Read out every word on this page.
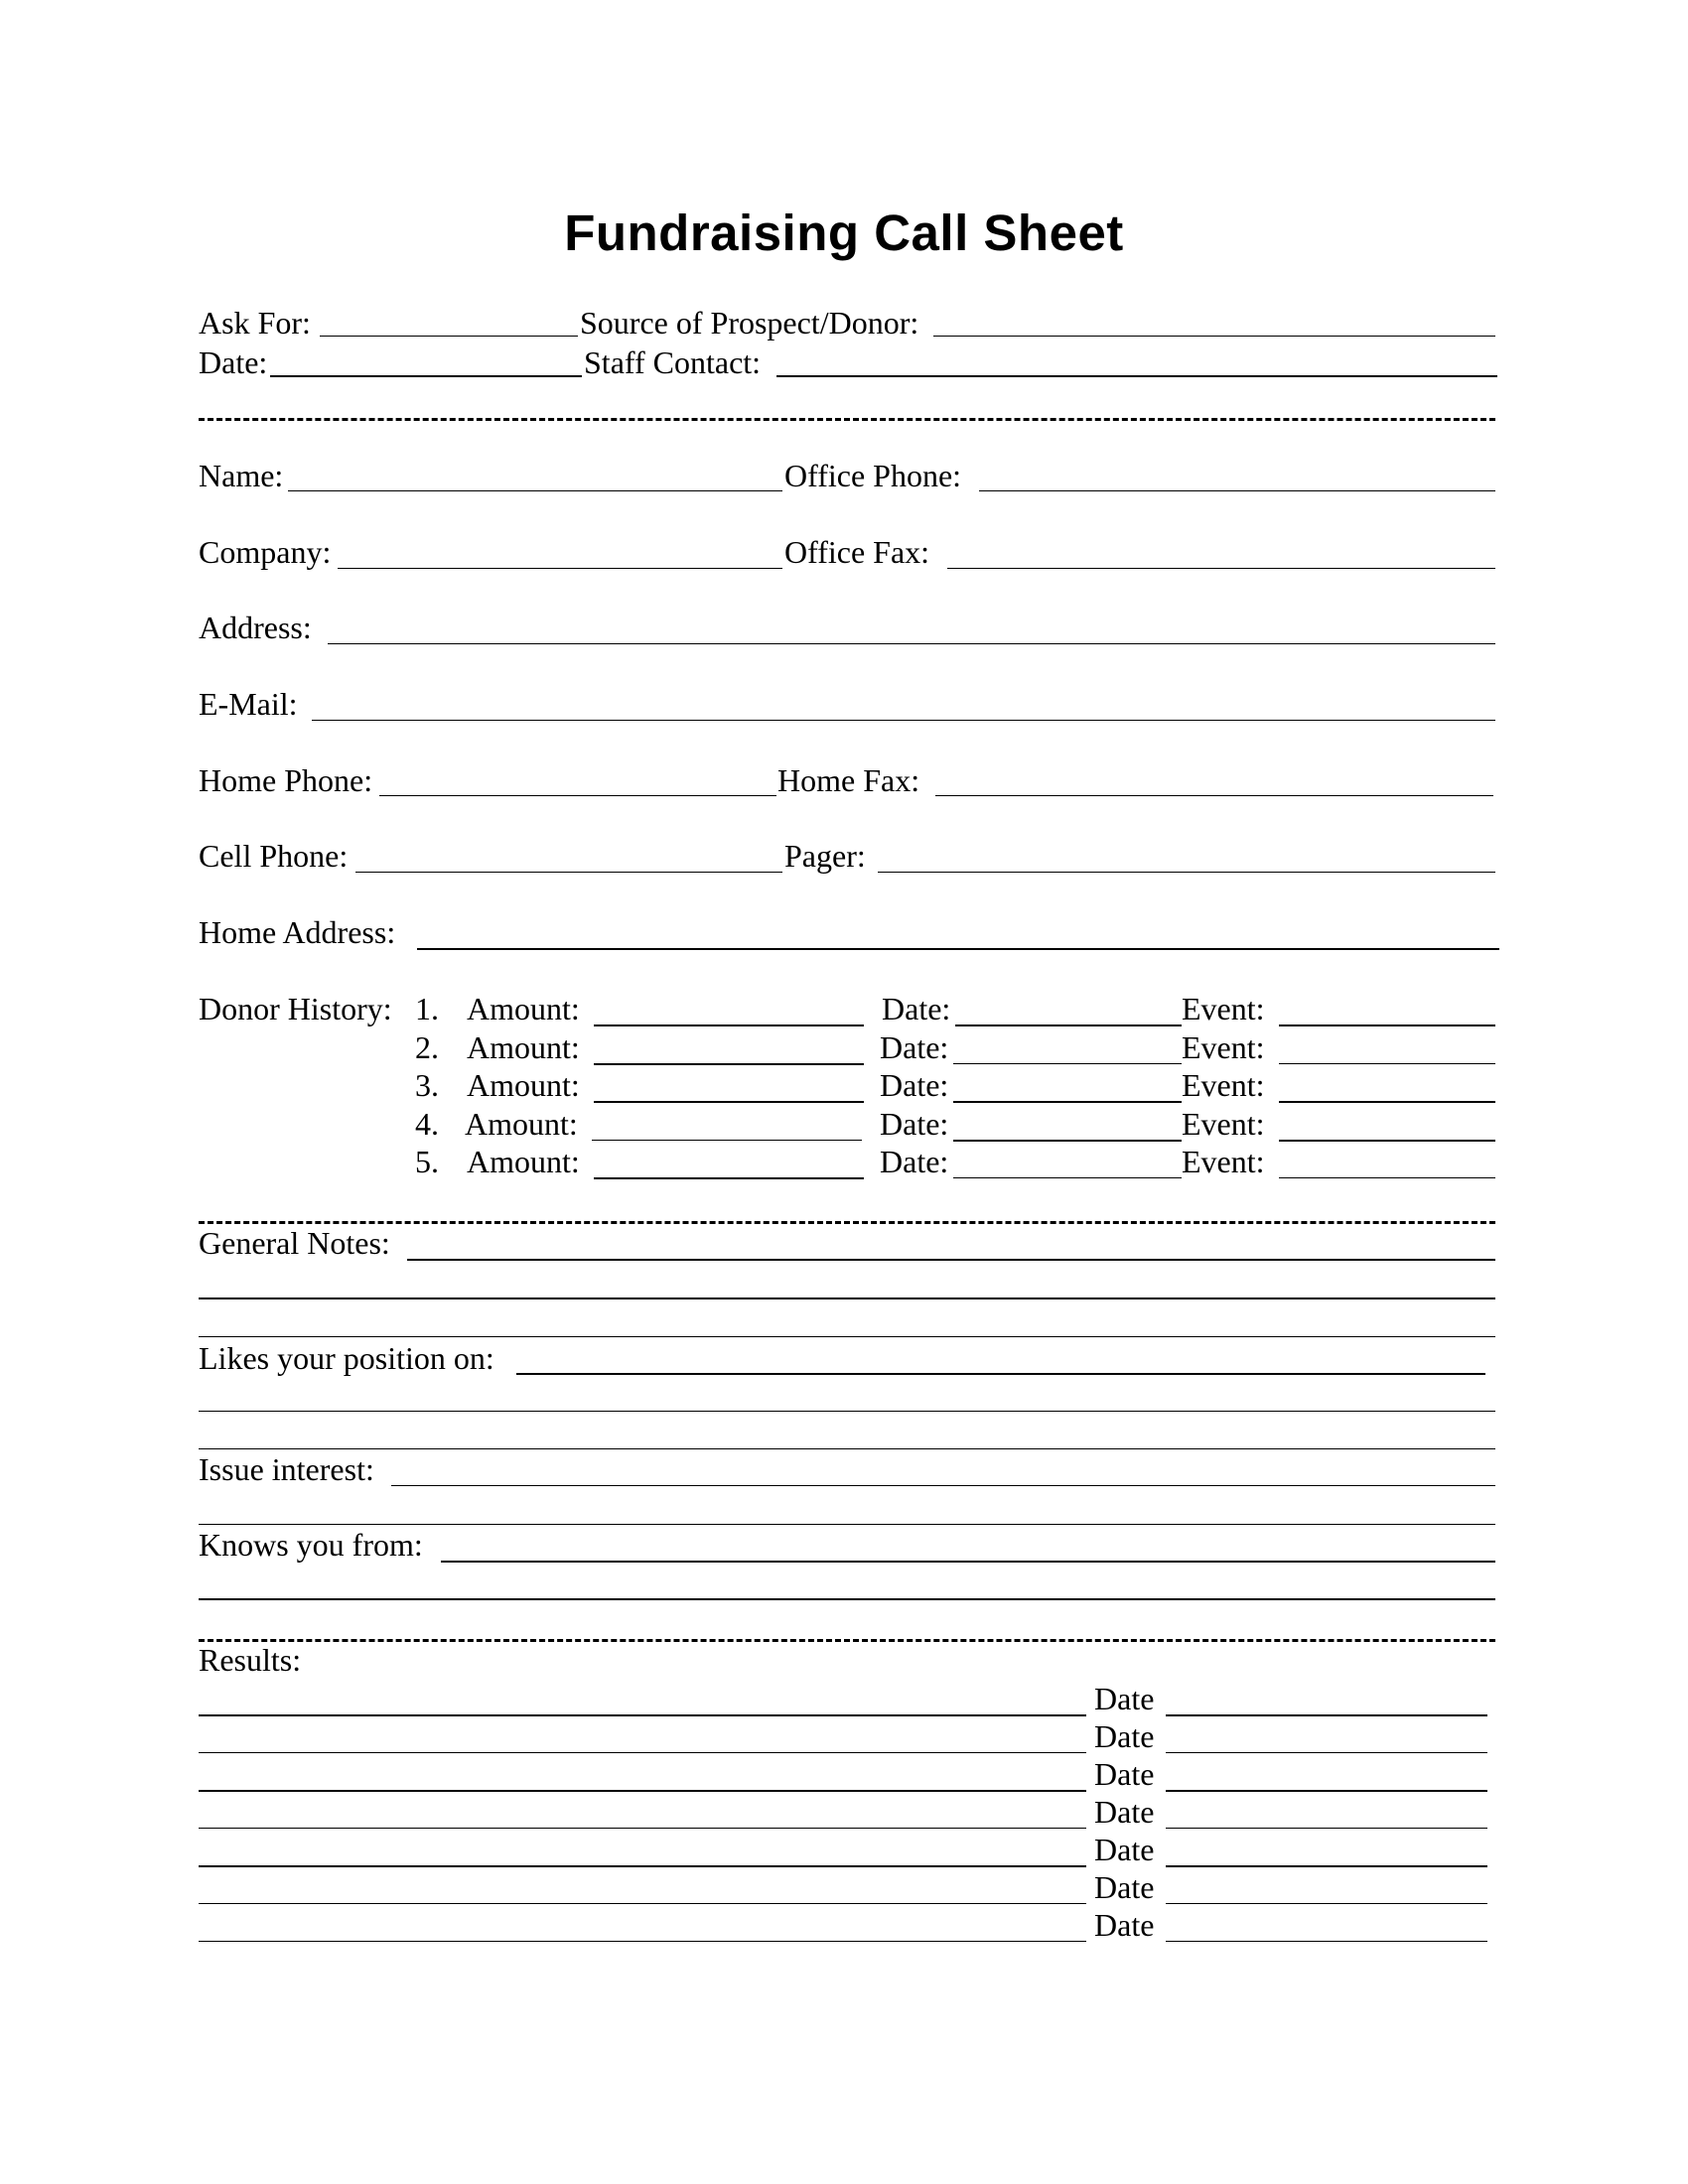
Fundraising Call Sheet
Ask For:	Source of Prospect/Donor:
Date:	Staff Contact:
Name:	Office Phone:
Company:	Office Fax:
Address:
E-Mail:
Home Phone:	Home Fax:
Cell Phone:	Pager:
Home Address:
Donor History: 1. Amount:	Date:	Event:
2. Amount:	Date:	Event:
3. Amount:	Date:	Event:
4. Amount:	Date:	Event:
5. Amount:	Date:	Event:
General Notes:
Likes your position on:
Issue interest:
Knows you from:
Results:
Date
Date
Date
Date
Date
Date
Date
